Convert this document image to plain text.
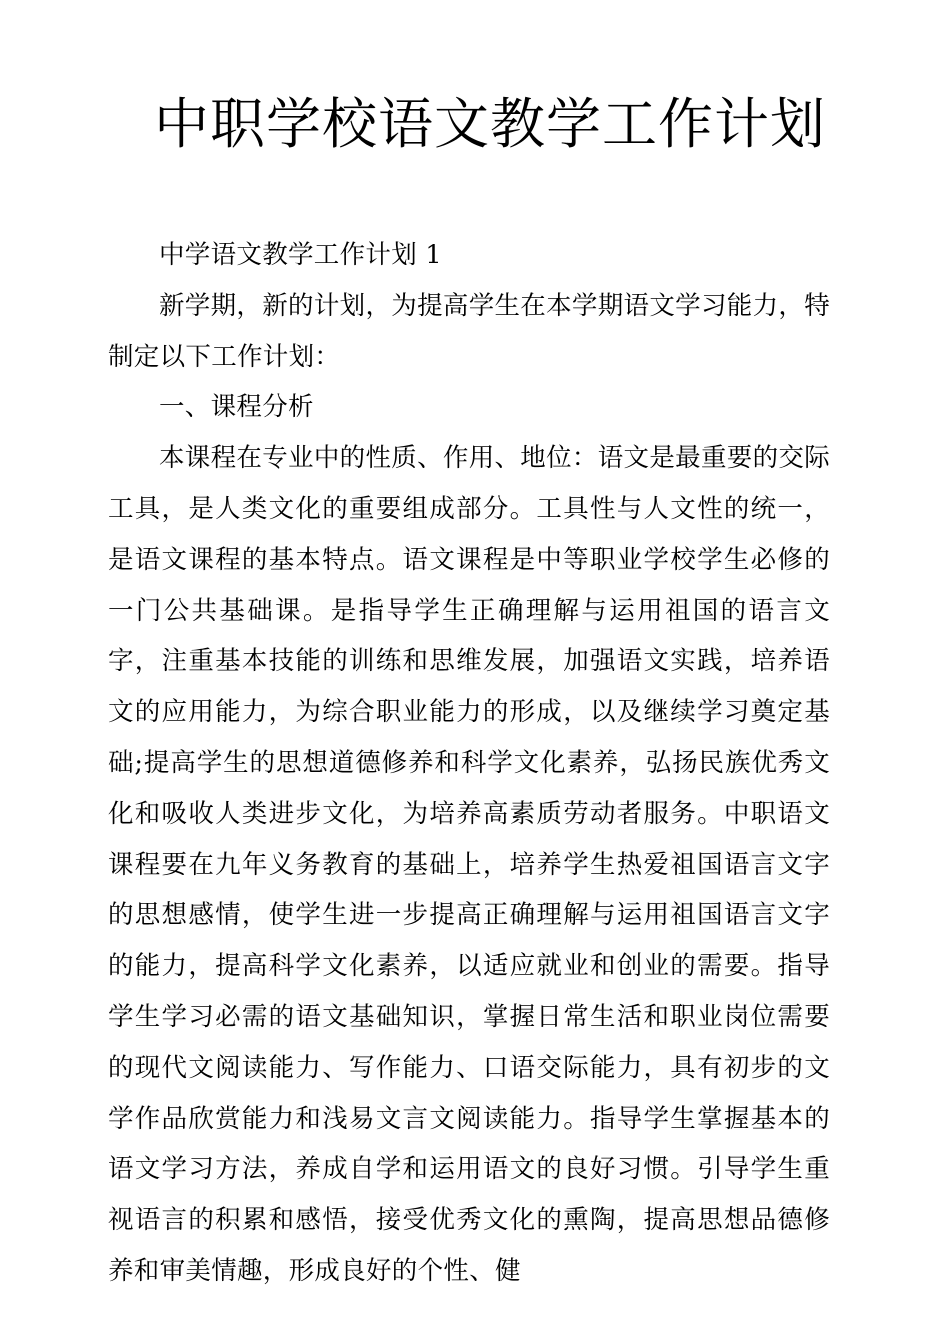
中职学校语文教学工作计划

中学语文教学工作计划 1

新学期，新的计划，为提高学生在本学期语文学习能力，特制定以下工作计划：

一、课程分析

本课程在专业中的性质、作用、地位：语文是最重要的交际工具，是人类文化的重要组成部分。工具性与人文性的统一，是语文课程的基本特点。语文课程是中等职业学校学生必修的一门公共基础课。是指导学生正确理解与运用祖国的语言文字，注重基本技能的训练和思维发展，加强语文实践，培养语文的应用能力，为综合职业能力的形成，以及继续学习奠定基础;提高学生的思想道德修养和科学文化素养，弘扬民族优秀文化和吸收人类进步文化，为培养高素质劳动者服务。中职语文课程要在九年义务教育的基础上，培养学生热爱祖国语言文字的思想感情，使学生进一步提高正确理解与运用祖国语言文字的能力，提高科学文化素养，以适应就业和创业的需要。指导学生学习必需的语文基础知识，掌握日常生活和职业岗位需要的现代文阅读能力、写作能力、口语交际能力，具有初步的文学作品欣赏能力和浅易文言文阅读能力。指导学生掌握基本的语文学习方法，养成自学和运用语文的良好习惯。引导学生重视语言的积累和感悟，接受优秀文化的熏陶，提高思想品德修养和审美情趣，形成良好的个性、健
